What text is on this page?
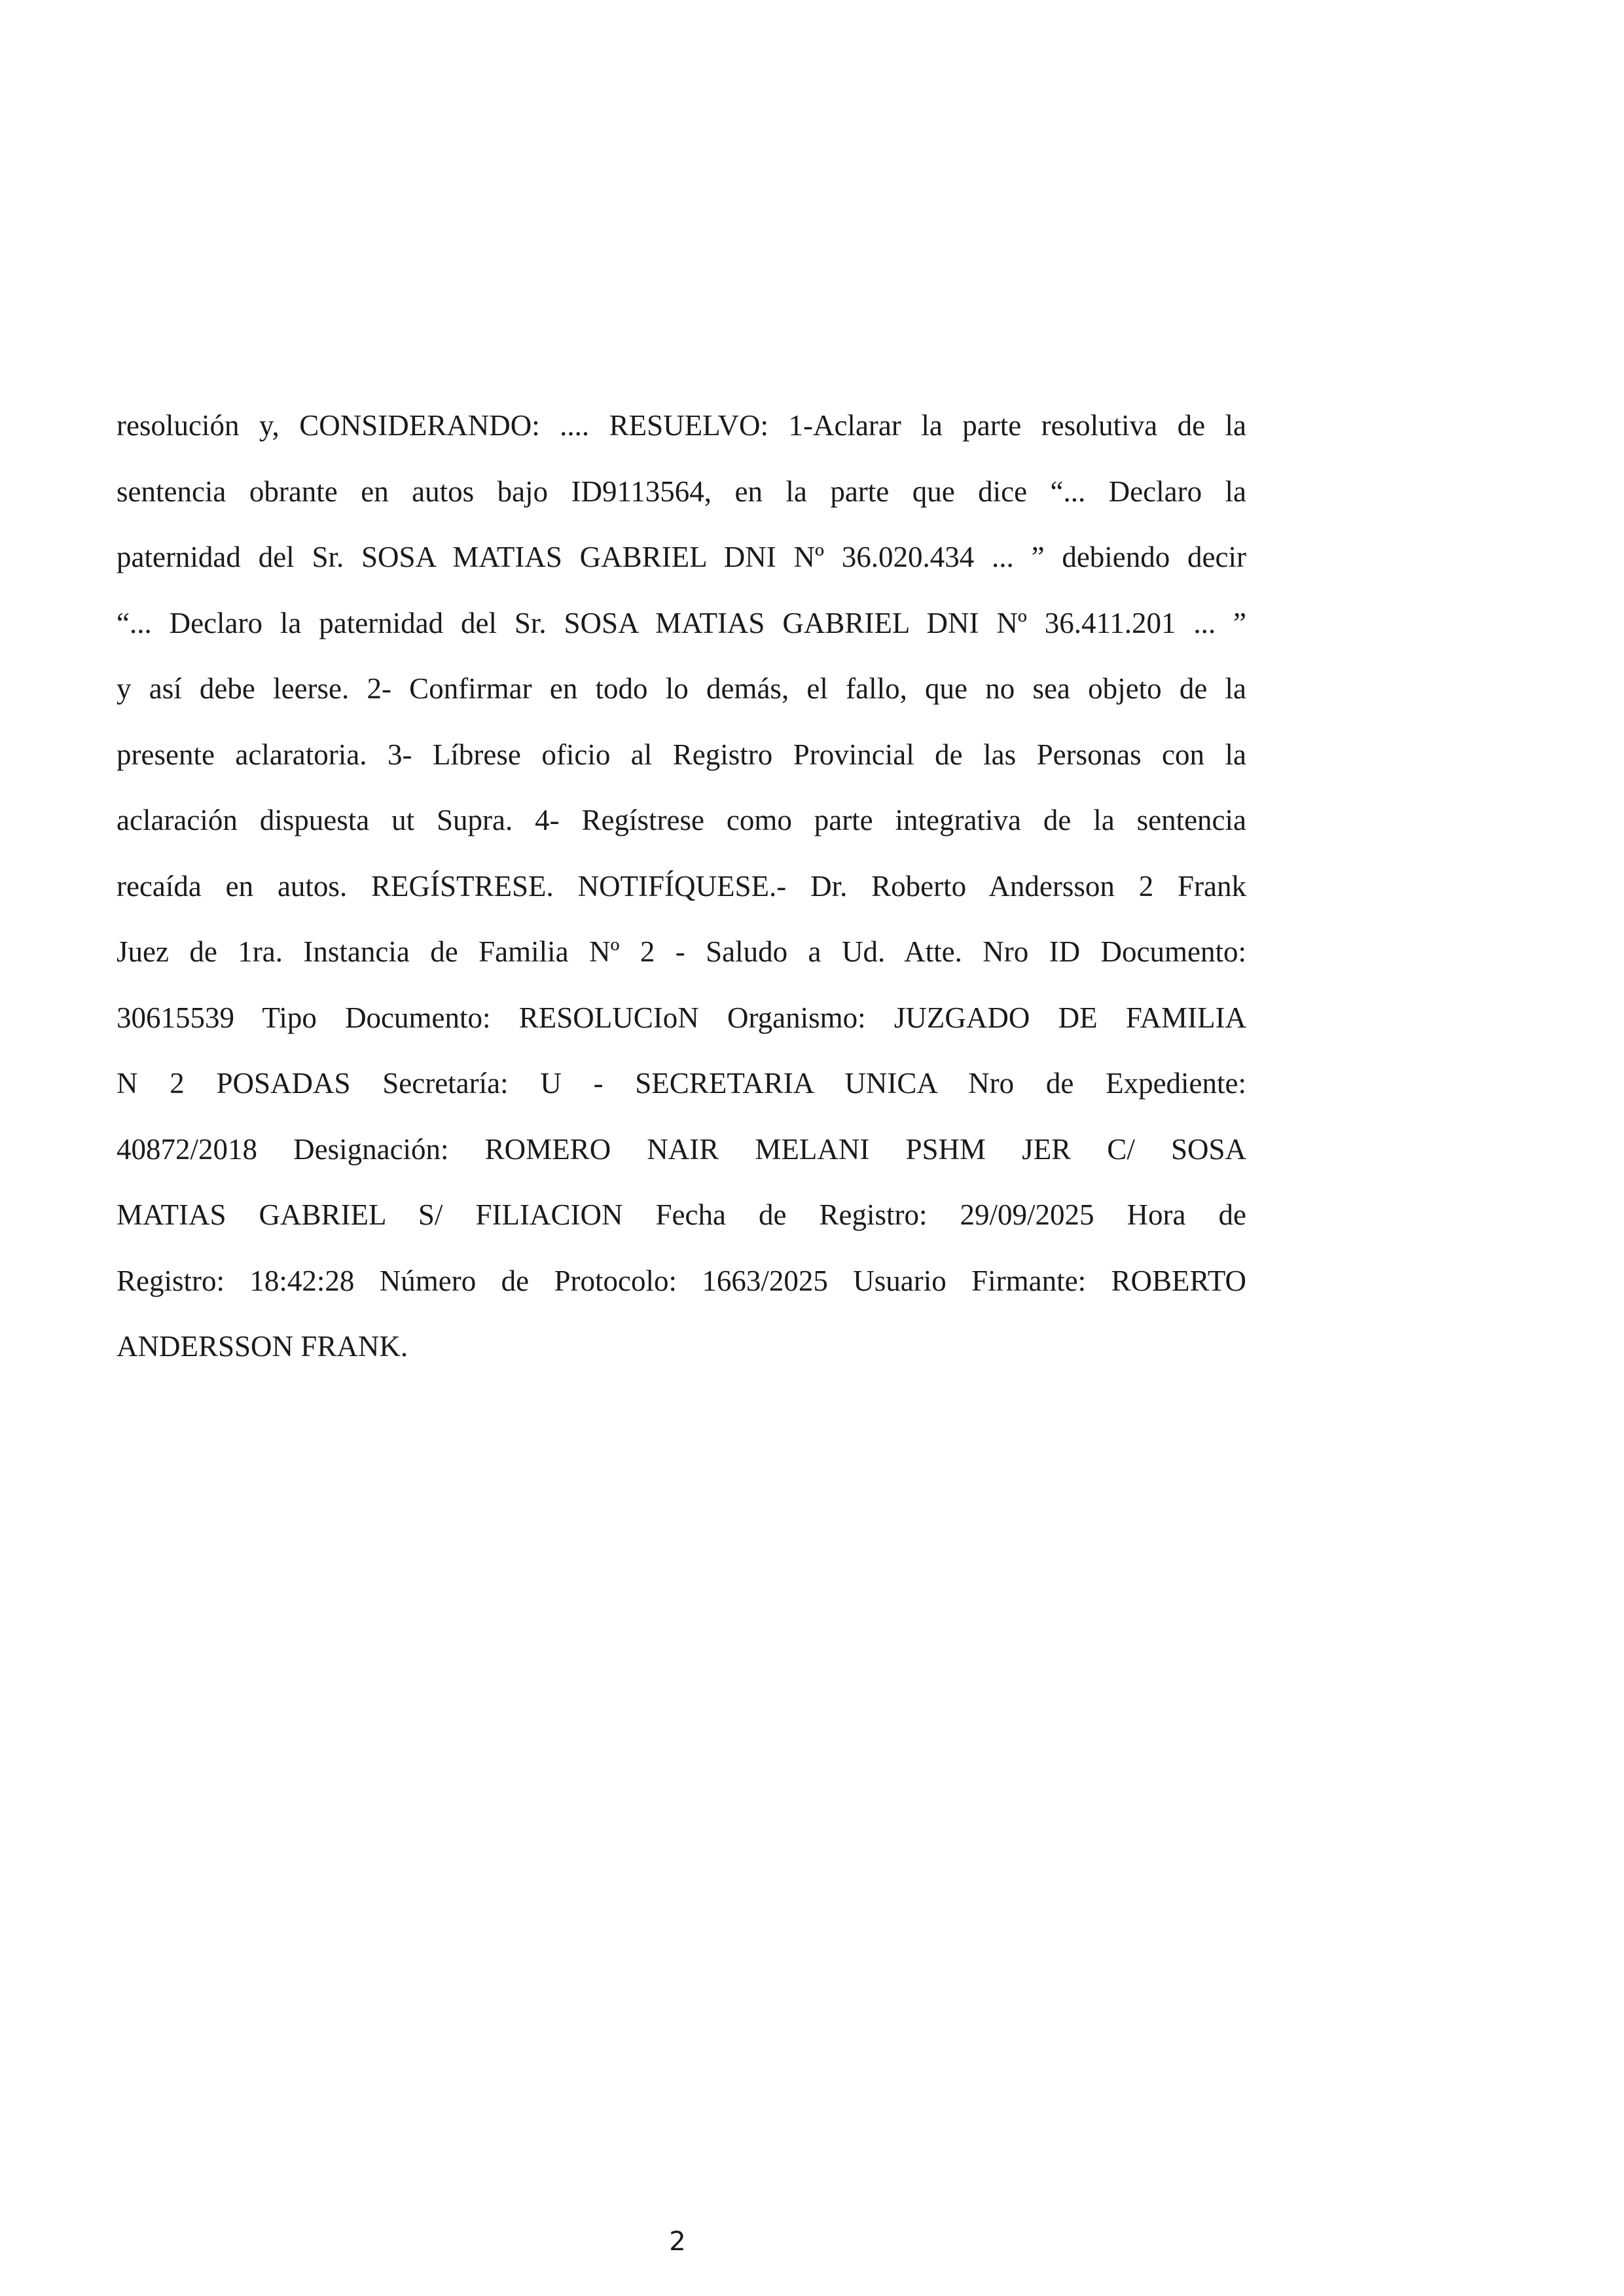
resolución y, CONSIDERANDO: .... RESUELVO: 1-Aclarar la parte resolutiva de la
sentencia obrante en autos bajo ID9113564, en la parte que dice “... Declaro la
paternidad del Sr. SOSA MATIAS GABRIEL DNI Nº 36.020.434 ... ” debiendo decir
“... Declaro la paternidad del Sr. SOSA MATIAS GABRIEL DNI Nº 36.411.201 ... ”
y así debe leerse. 2- Confirmar en todo lo demás, el fallo, que no sea objeto de la
presente aclaratoria. 3- Líbrese oficio al Registro Provincial de las Personas con la
aclaración dispuesta ut Supra. 4- Regístrese como parte integrativa de la sentencia
recaída en autos. REGÍSTRESE. NOTIFÍQUESE.- Dr. Roberto Andersson 2 Frank
Juez de 1ra. Instancia de Familia Nº 2 - Saludo a Ud. Atte. Nro ID Documento:
30615539 Tipo Documento: RESOLUCIoN Organismo: JUZGADO DE FAMILIA
N 2 POSADAS Secretaría: U - SECRETARIA UNICA Nro de Expediente:
40872/2018 Designación: ROMERO NAIR MELANI PSHM JER C/ SOSA
MATIAS GABRIEL S/ FILIACION Fecha de Registro: 29/09/2025 Hora de
Registro: 18:42:28 Número de Protocolo: 1663/2025 Usuario Firmante: ROBERTO
ANDERSSON FRANK.
2
